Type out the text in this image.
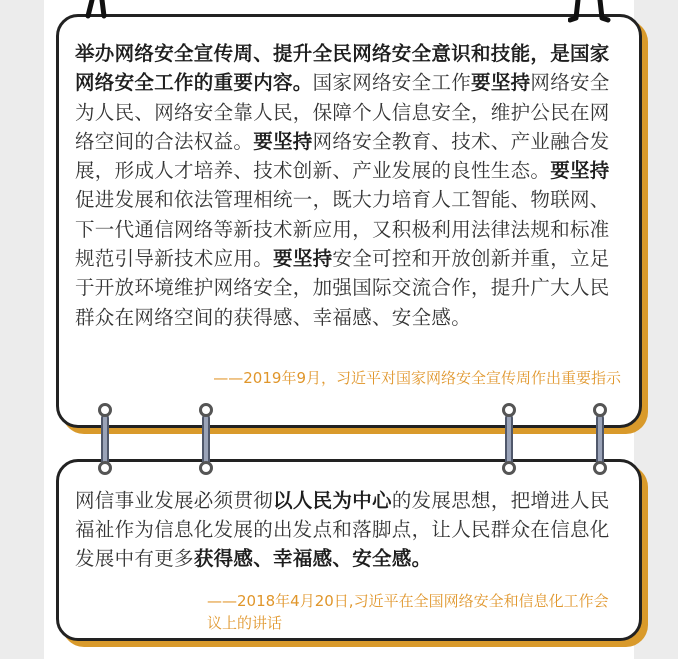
举办网络安全宣传周、提升全民网络安全意识和技能，是国家网络安全工作的重要内容。国家网络安全工作要坚持网络安全为人民、网络安全靠人民，保障个人信息安全，维护公民在网络空间的合法权益。要坚持网络安全教育、技术、产业融合发展，形成人才培养、技术创新、产业发展的良性生态。要坚持促进发展和依法管理相统一，既大力培育人工智能、物联网、下一代通信网络等新技术新应用，又积极利用法律法规和标准规范引导新技术应用。要坚持安全可控和开放创新并重，立足于开放环境维护网络安全，加强国际交流合作，提升广大人民群众在网络空间的获得感、幸福感、安全感。

——2019年9月，习近平对国家网络安全宣传周作出重要指示

网信事业发展必须贯彻以人民为中心的发展思想，把增进人民福祉作为信息化发展的出发点和落脚点，让人民群众在信息化发展中有更多获得感、幸福感、安全感。

——2018年4月20日,习近平在全国网络安全和信息化工作会议上的讲话
